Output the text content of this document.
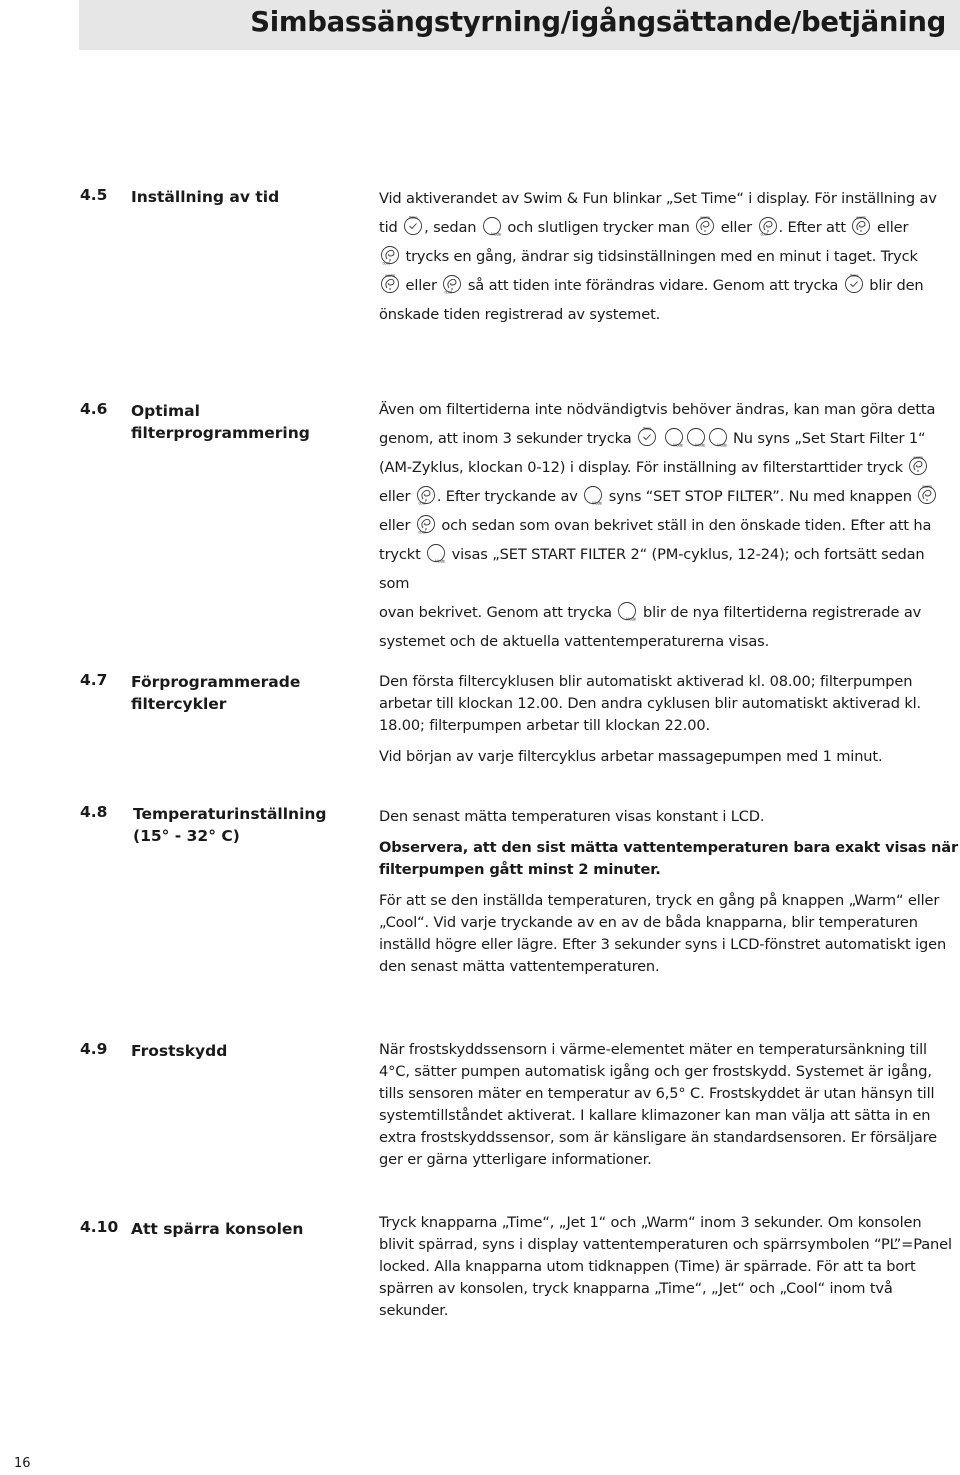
Simbassängstyrning/igångsättande/betjäning
4.5 Inställning av tid	Vid aktiverandet av Swim & Fun blinkar „Set Time“ i display. För inställning av

tid
Time
, sedan	Mode och slutligen trycker man
warm
eller cool . Efter att
warm
eller

cool trycks en gång, ändrar sig tidsinställningen med en minut i taget. Tryck

warm
eller cool så att tiden inte förändras vidare. Genom att trycka
Time
blir den

önskade tiden registrerad av systemet.

4.6 Optimal filterprogrammering

Även om filtertiderna inte nödvändigtvis behöver ändras, kan man göra detta

genom, att inom 3 sekunder trycka
Time

Mode	Mode	Mode Nu syns „Set Start Filter 1“

(AM-Zyklus, klockan 0-12) i display. För inställning av filterstarttider tryck
warm

eller cool . Efter tryckande av	Mode syns “SET STOP FILTER”. Nu med knappen
warm

eller cool och sedan som ovan bekrivet ställ in den önskade tiden. Efter att ha

tryckt	Mode visas „SET START FILTER 2“ (PM-cyklus, 12-24); och fortsätt sedan som

ovan bekrivet. Genom att trycka	Mode blir de nya filtertiderna registrerade av

systemet och de aktuella vattentemperaturerna visas.

4.7 Förprogrammerade filtercykler

Den första filtercyklusen blir automatiskt aktiverad kl. 08.00; filterpumpen arbetar till klockan 12.00. Den andra cyklusen blir automatiskt aktiverad kl. 18.00; filterpumpen arbetar till klockan 22.00.

Vid början av varje filtercyklus arbetar massagepumpen med 1 minut.

4.8 Temperaturinställning (15° - 32° C)

Den senast mätta temperaturen visas konstant i LCD.

Observera, att den sist mätta vattentemperaturen bara exakt visas när filterpumpen gått minst 2 minuter.

För att se den inställda temperaturen, tryck en gång på knappen „Warm“ eller „Cool“. Vid varje tryckande av en av de båda knapparna, blir temperaturen inställd högre eller lägre. Efter 3 sekunder syns i LCD-fönstret automatiskt igen den senast mätta vattentemperaturen.

4.9 Frostskydd	När frostskyddssensorn i värme-elementet mäter en temperatursänkning till 4°C, sätter pumpen automatisk igång och ger frostskydd. Systemet är igång, tills sensoren mäter en temperatur av 6,5° C. Frostskyddet är utan hänsyn till systemtillståndet aktiverat. I kallare klimazoner kan man välja att sätta in en extra frostskyddssensor, som är känsligare än standardsensoren. Er försäljare ger er gärna ytterligare informationer.

4.10 Att spärra konsolen	Tryck knapparna „Time“, „Jet 1“ och „Warm“ inom 3 sekunder. Om konsolen blivit spärrad, syns i display vattentemperaturen och spärrsymbolen “PL”=Panel locked. Alla knapparna utom tidknappen (Time) är spärrade. För att ta bort spärren av konsolen, tryck knapparna „Time“, „Jet“ och „Cool“ inom två sekunder.

16
